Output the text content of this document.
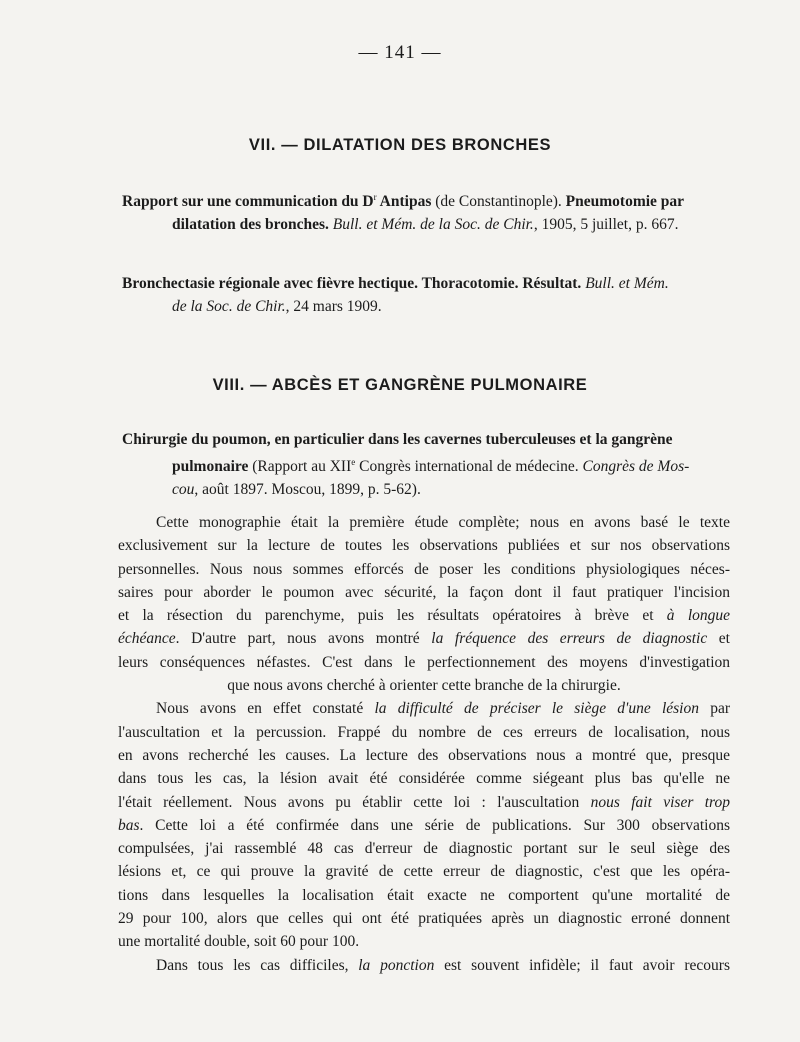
— 141 —
VII. — DILATATION DES BRONCHES
Rapport sur une communication du $D^r$ Antipas (de Constantinople). Pneumotomie par
dilatation des bronches. Bull. et Mém. de la Soc. de Chir., 1905, 5 juillet, p. 667.
Bronchectasie régionale avec fièvre hectique. Thoracotomie. Résultat. Bull. et Mém.
de la Soc. de Chir., 24 mars 1909.
VIII. — ABCÈS ET GANGRÈNE PULMONAIRE
Chirurgie du poumon, en particulier dans les cavernes tuberculeuses et la gangrène
pulmonaire (Rapport au XIIe Congrès international de médecine. Congrès de Mos-
cou, août 1897. Moscou, 1899, p. 5-62).
Cette monographie était la première étude complète; nous en avons basé le texte
exclusivement sur la lecture de toutes les observations publiées et sur nos observations
personnelles. Nous nous sommes efforcés de poser les conditions physiologiques néces-
saires pour aborder le poumon avec sécurité, la façon dont il faut pratiquer l'incision
et la résection du parenchyme, puis les résultats opératoires à brève et à longue
échéance. D'autre part, nous avons montré la fréquence des erreurs de diagnostic et
leurs conséquences néfastes. C'est dans le perfectionnement des moyens d'investigation
que nous avons cherché à orienter cette branche de la chirurgie.
Nous avons en effet constaté la difficulté de préciser le siège d'une lésion par
l'auscultation et la percussion. Frappé du nombre de ces erreurs de localisation, nous
en avons recherché les causes. La lecture des observations nous a montré que, presque
dans tous les cas, la lésion avait été considérée comme siégeant plus bas qu'elle ne
l'était réellement. Nous avons pu établir cette loi : l'auscultation nous fait viser trop
bas. Cette loi a été confirmée dans une série de publications. Sur 300 observations
compulsées, j'ai rassemblé 48 cas d'erreur de diagnostic portant sur le seul siège des
lésions et, ce qui prouve la gravité de cette erreur de diagnostic, c'est que les opéra-
tions dans lesquelles la localisation était exacte ne comportent qu'une mortalité de
29 pour 100, alors que celles qui ont été pratiquées après un diagnostic erroné donnent
une mortalité double, soit 60 pour 100.
Dans tous les cas difficiles, la ponction est souvent infidèle; il faut avoir recours
